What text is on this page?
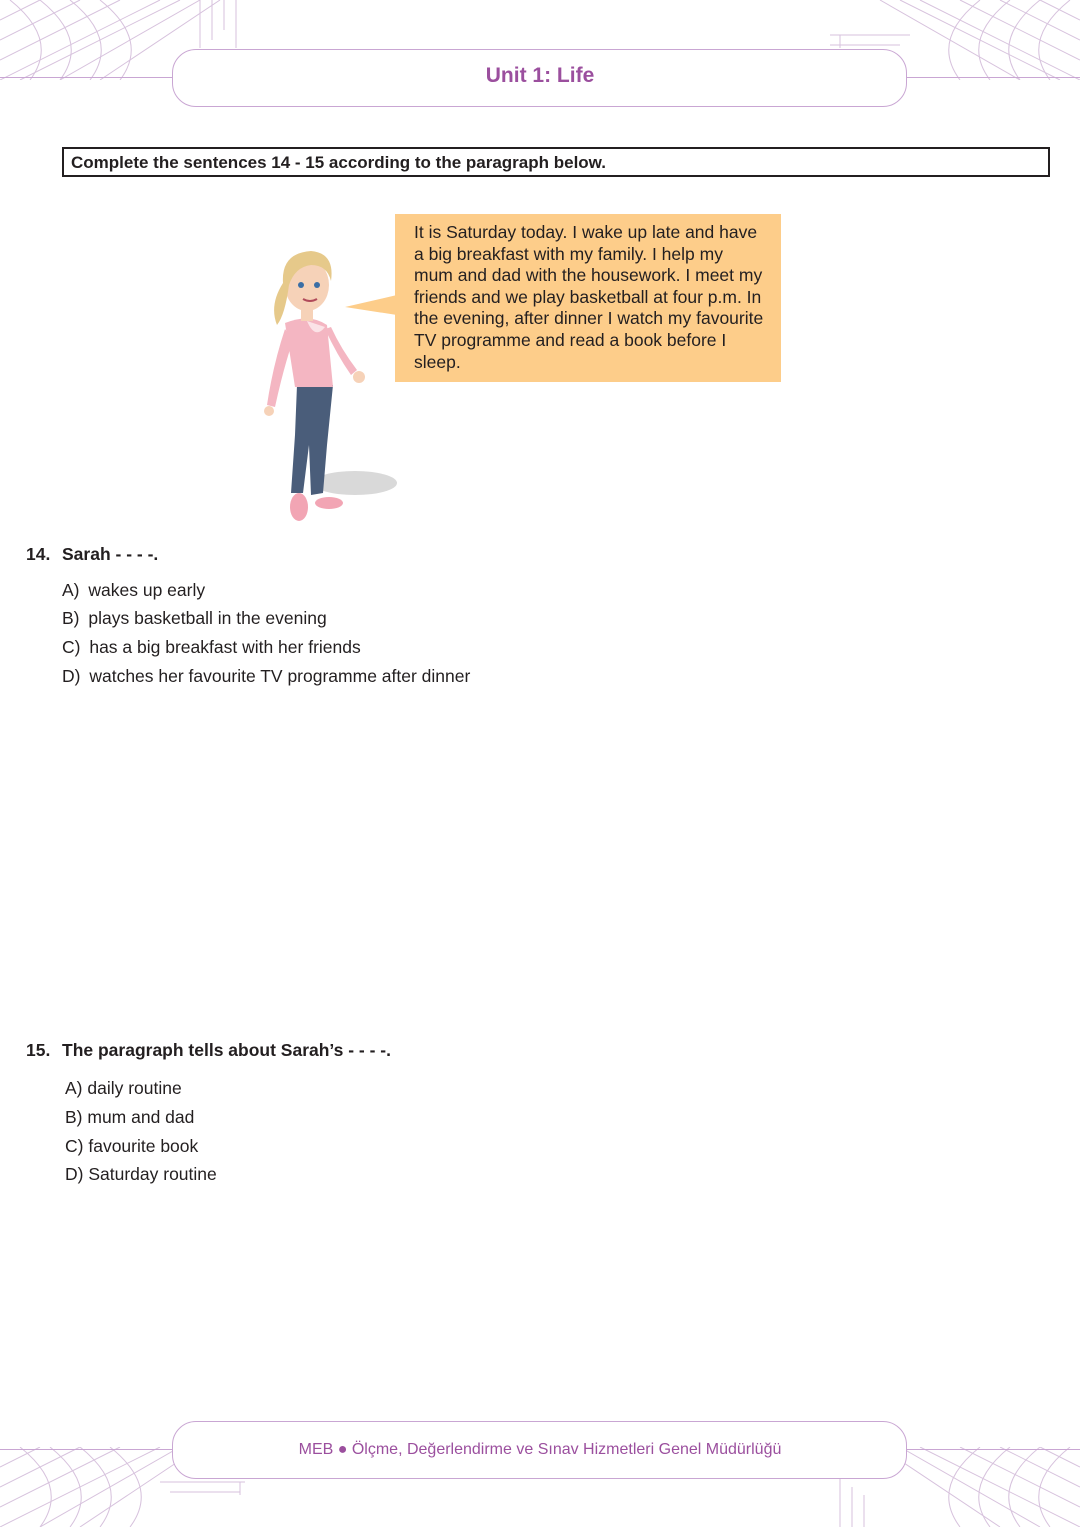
Unit 1: Life
Complete the sentences 14 - 15 according to the paragraph below.
It is Saturday today. I wake up late and have
a big breakfast with my family. I help my
mum and dad with the housework. I meet my
friends and we play basketball at four p.m. In
the evening, after dinner I watch my favourite
TV programme and read a book before I
sleep.
14. Sarah - - - -.
A) wakes up early
B) plays basketball in the evening
C) has a big breakfast with her friends
D) watches her favourite TV programme after dinner
15. The paragraph tells about Sarah’s - - - -.
A) daily routine
B) mum and dad
C) favourite book
D) Saturday routine
MEB ● Ölçme, Değerlendirme ve Sınav Hizmetleri Genel Müdürlüğü
